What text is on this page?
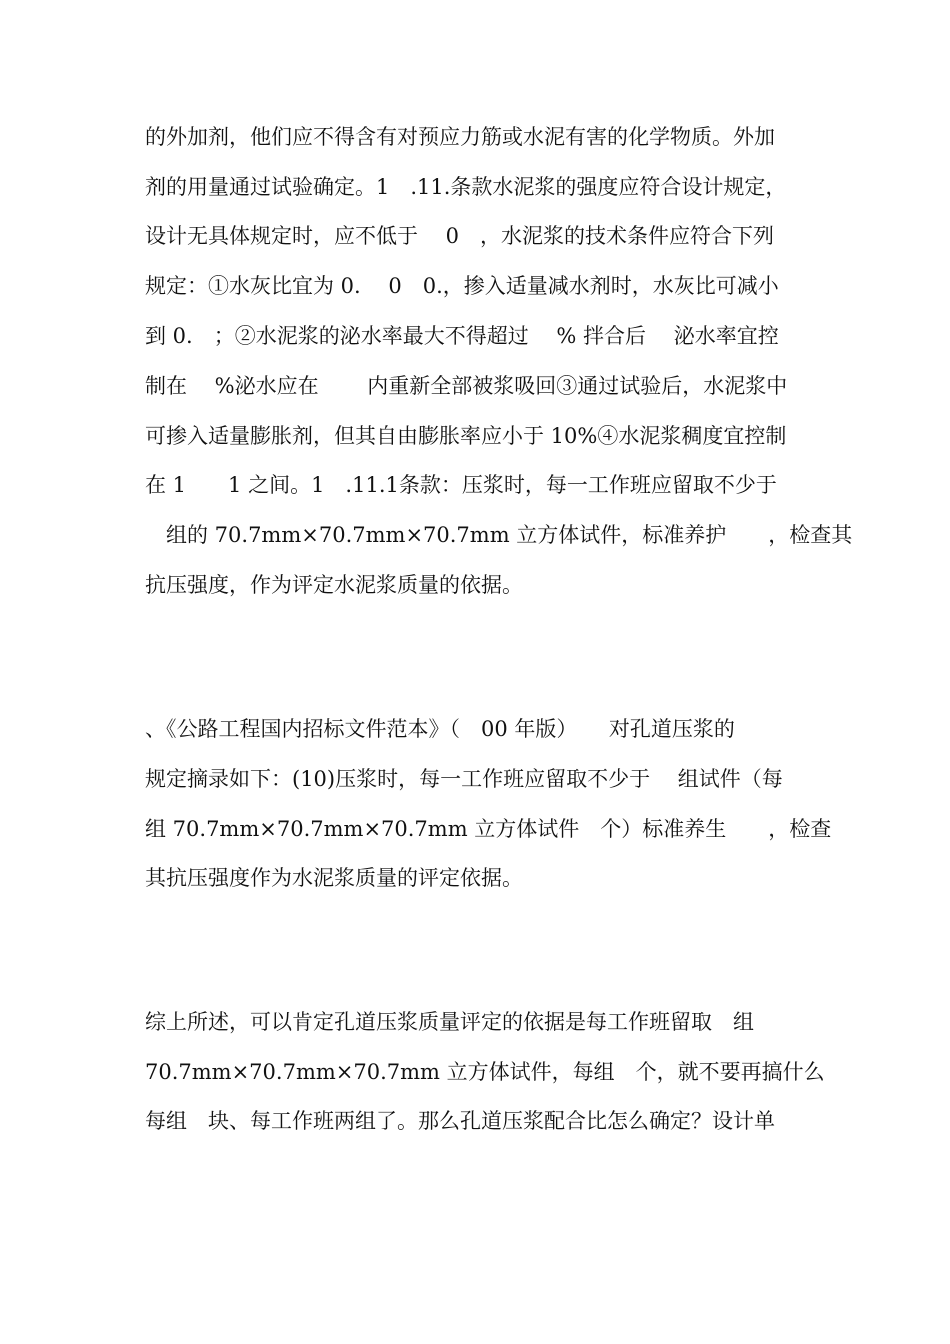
的外加剂，他们应不得含有对预应力筋或水泥有害的化学物质。外加
剂的用量通过试验确定。1　.11.条款水泥浆的强度应符合设计规定，
设计无具体规定时，应不低于　 0　，水泥浆的技术条件应符合下列
规定：①水灰比宜为 0.　 0　0.，掺入适量减水剂时，水灰比可减小
到 0.　；②水泥浆的泌水率最大不得超过　 % 拌合后　 泌水率宜控
制在　 %泌水应在　　 内重新全部被浆吸回③通过试验后，水泥浆中
可掺入适量膨胀剂，但其自由膨胀率应小于 10%④水泥浆稠度宜控制
在 1　　1 之间。1　.11.1条款：压浆时，每一工作班应留取不少于
　组的 70.7mm×70.7mm×70.7mm 立方体试件，标准养护　　，检查其
抗压强度，作为评定水泥浆质量的依据。
、《公路工程国内招标文件范本》（　00 年版）　　对孔道压浆的
规定摘录如下：(10)压浆时，每一工作班应留取不少于　 组试件（每
组 70.7mm×70.7mm×70.7mm 立方体试件　个）标准养生　　，检查
其抗压强度作为水泥浆质量的评定依据。
综上所述，可以肯定孔道压浆质量评定的依据是每工作班留取　组
70.7mm×70.7mm×70.7mm 立方体试件，每组　个，就不要再搞什么
每组　块、每工作班两组了。那么孔道压浆配合比怎么确定？设计单
